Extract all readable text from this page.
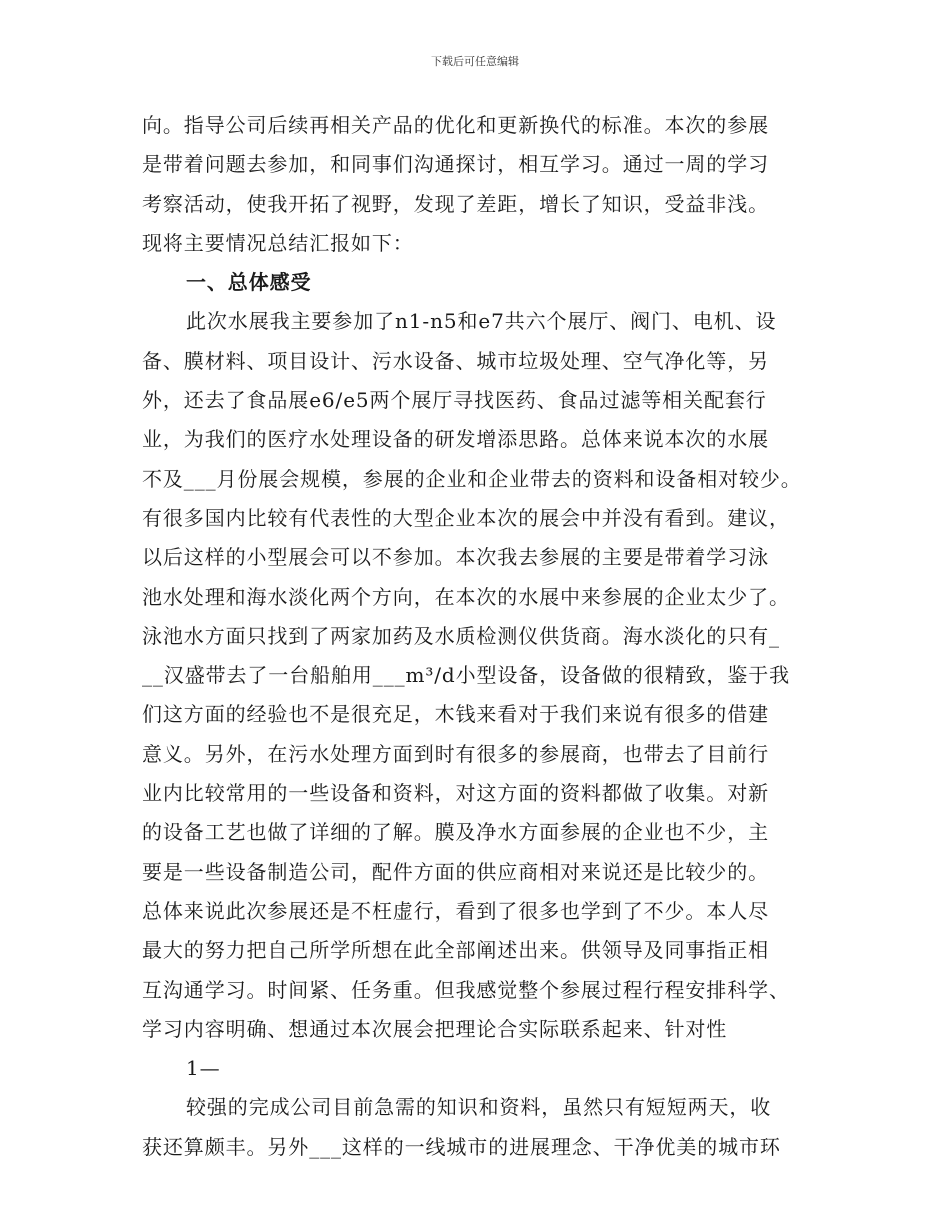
下载后可任意编辑
向。指导公司后续再相关产品的优化和更新换代的标准。本次的参展
是带着问题去参加，和同事们沟通探讨，相互学习。通过一周的学习
考察活动，使我开拓了视野，发现了差距，增长了知识，受益非浅。
现将主要情况总结汇报如下：
一、总体感受
此次水展我主要参加了n1-n5和e7共六个展厅、阀门、电机、设
备、膜材料、项目设计、污水设备、城市垃圾处理、空气净化等，另
外，还去了食品展e6/e5两个展厅寻找医药、食品过滤等相关配套行
业，为我们的医疗水处理设备的研发增添思路。总体来说本次的水展
不及___月份展会规模，参展的企业和企业带去的资料和设备相对较少。
有很多国内比较有代表性的大型企业本次的展会中并没有看到。建议，
以后这样的小型展会可以不参加。本次我去参展的主要是带着学习泳
池水处理和海水淡化两个方向，在本次的水展中来参展的企业太少了。
泳池水方面只找到了两家加药及水质检测仪供货商。海水淡化的只有_
__汉盛带去了一台船舶用___m³/d小型设备，设备做的很精致，鉴于我
们这方面的经验也不是很充足，木钱来看对于我们来说有很多的借建
意义。另外，在污水处理方面到时有很多的参展商，也带去了目前行
业内比较常用的一些设备和资料，对这方面的资料都做了收集。对新
的设备工艺也做了详细的了解。膜及净水方面参展的企业也不少，主
要是一些设备制造公司，配件方面的供应商相对来说还是比较少的。
总体来说此次参展还是不枉虚行，看到了很多也学到了不少。本人尽
最大的努力把自己所学所想在此全部阐述出来。供领导及同事指正相
互沟通学习。时间紧、任务重。但我感觉整个参展过程行程安排科学、
学习内容明确、想通过本次展会把理论合实际联系起来、针对性
1—
较强的完成公司目前急需的知识和资料，虽然只有短短两天，收
获还算颇丰。另外___这样的一线城市的进展理念、干净优美的城市环
